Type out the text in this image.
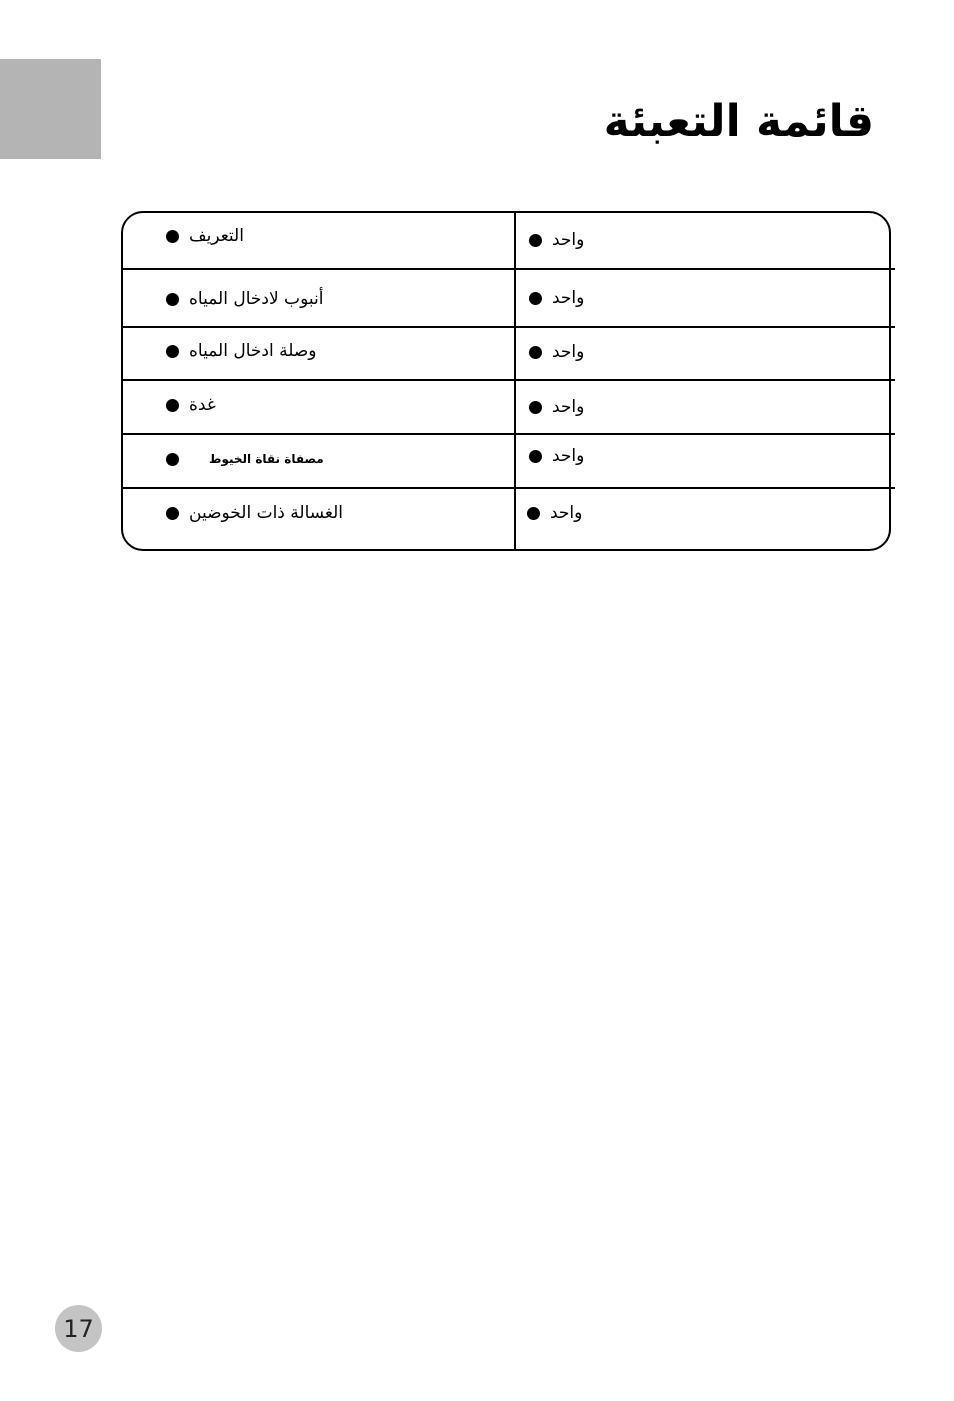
قائمة التعبئة
التعريف	واحد
أنبوب لادخال المياه	واحد
وصلة ادخال المياه	واحد
غدة	واحد
مصفاة نقاة الخيوط	واحد
الغسالة ذات الخوضين	واحد
17
